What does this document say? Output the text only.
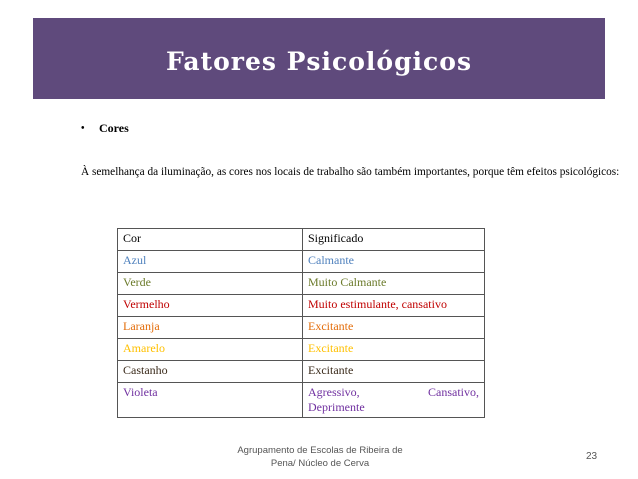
Fatores Psicológicos
•	Cores
À semelhança da iluminação, as cores nos locais de trabalho são também importantes, porque têm efeitos psicológicos:
Cor	Significado
Azul	Calmante
Verde	Muito Calmante
Vermelho	Muito estimulante, cansativo
Laranja	Excitante
Amarelo	Excitante
Castanho	Excitante
Violeta	Agressivo, Cansativo,
Deprimente
Agrupamento de Escolas de Ribeira de
Pena/ Núcleo de Cerva
23
